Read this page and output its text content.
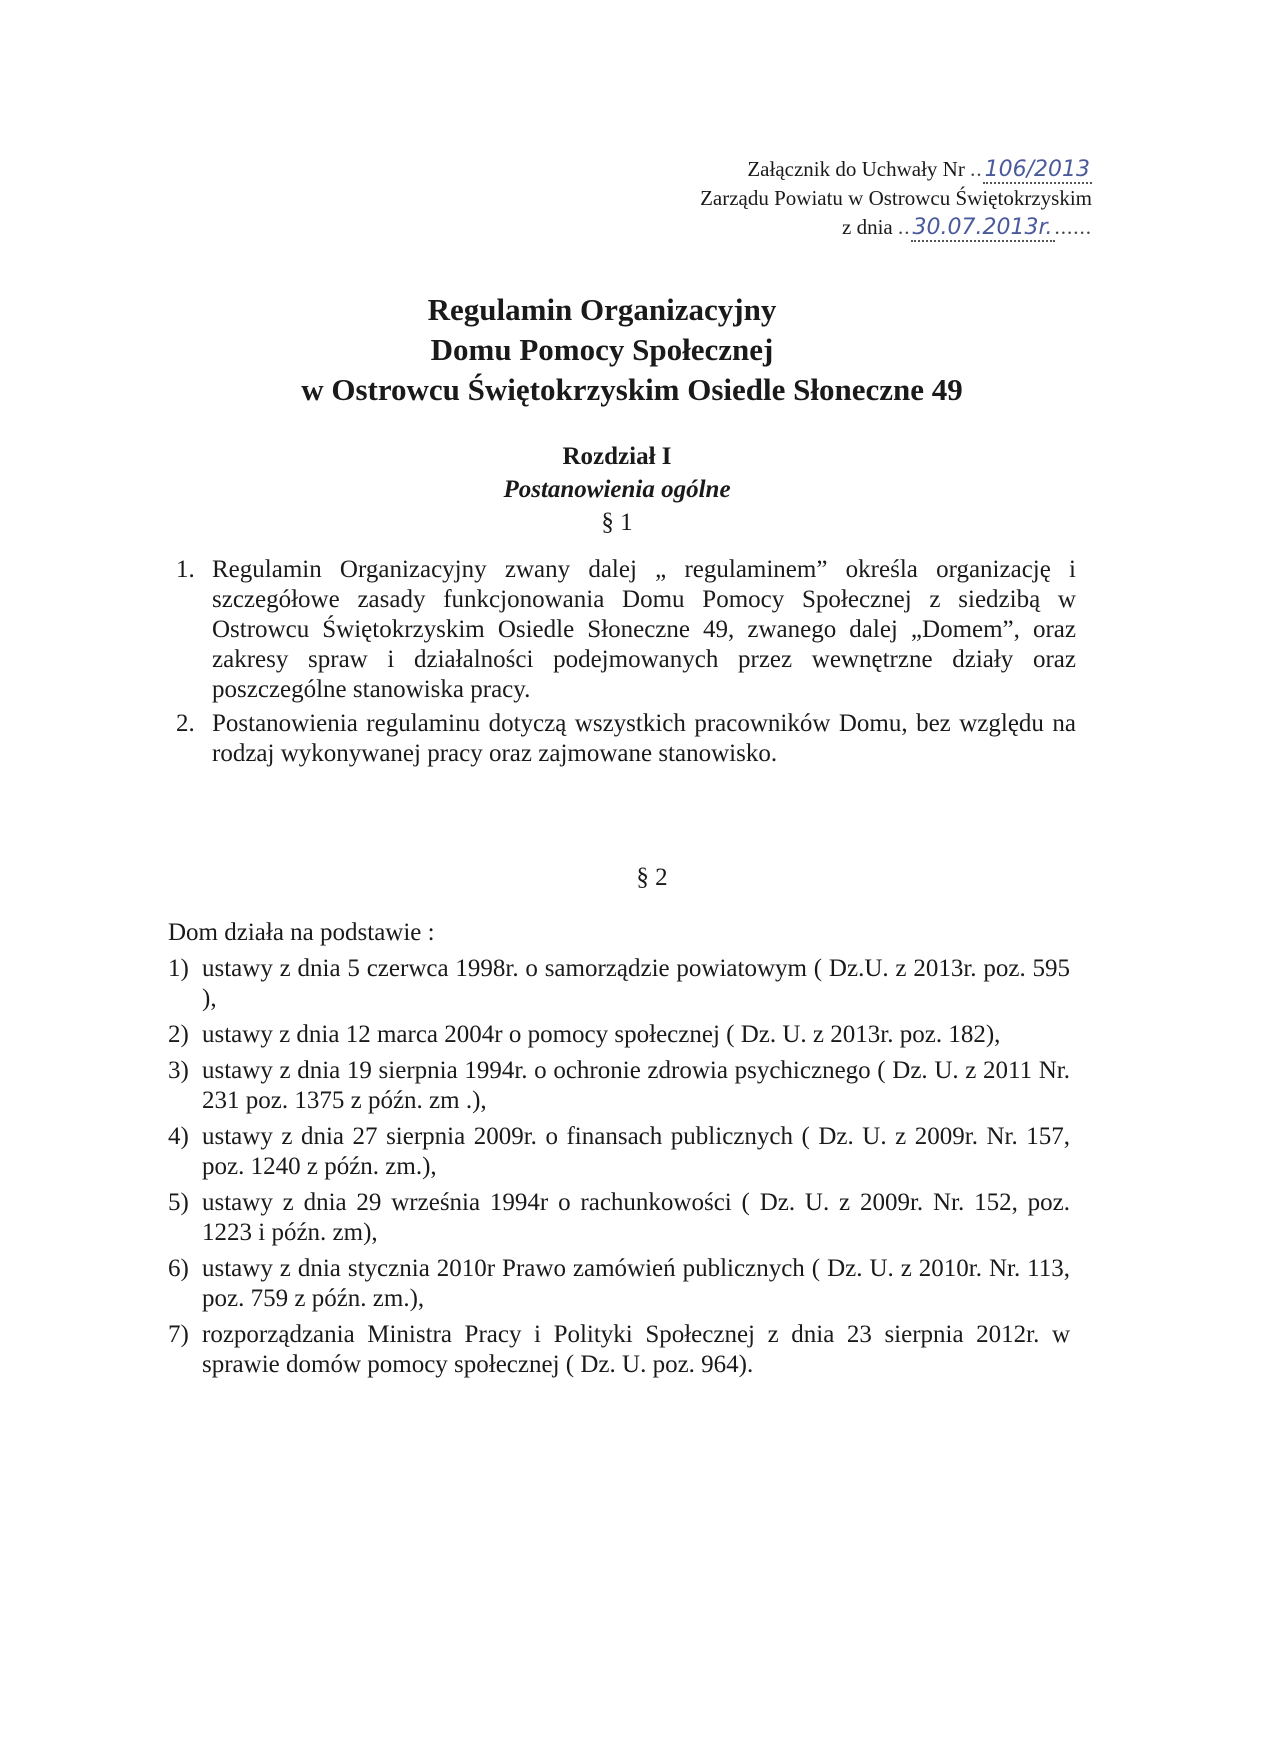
Załącznik do Uchwały Nr ..106/2013
Zarządu Powiatu w Ostrowcu Świętokrzyskim
z dnia ..30.07.2013r.......
Regulamin Organizacyjny
Domu Pomocy Społecznej
w Ostrowcu Świętokrzyskim Osiedle Słoneczne 49
Rozdział I
Postanowienia ogólne
§ 1
1. Regulamin Organizacyjny zwany dalej „ regulaminem” określa organizację i szczegółowe zasady funkcjonowania Domu Pomocy Społecznej z siedzibą w Ostrowcu Świętokrzyskim Osiedle Słoneczne 49, zwanego dalej „Domem”, oraz zakresy spraw i działalności podejmowanych przez wewnętrzne działy oraz poszczególne stanowiska pracy.

2. Postanowienia regulaminu dotyczą wszystkich pracowników Domu, bez względu na rodzaj wykonywanej pracy oraz zajmowane stanowisko.

§ 2

Dom działa na podstawie :

1) ustawy z dnia 5 czerwca 1998r. o samorządzie powiatowym ( Dz.U. z 2013r. poz. 595 ),

2) ustawy z dnia 12 marca 2004r o pomocy społecznej ( Dz. U. z 2013r. poz. 182),

3) ustawy z dnia 19 sierpnia 1994r. o ochronie zdrowia psychicznego ( Dz. U. z 2011 Nr. 231 poz. 1375 z późn. zm .),

4) ustawy z dnia 27 sierpnia 2009r. o finansach publicznych ( Dz. U. z 2009r. Nr. 157, poz. 1240 z późn. zm.),

5) ustawy z dnia 29 września 1994r o rachunkowości ( Dz. U. z 2009r. Nr. 152, poz. 1223 i późn. zm),

6) ustawy z dnia stycznia 2010r Prawo zamówień publicznych ( Dz. U. z 2010r. Nr. 113, poz. 759 z późn. zm.),

7) rozporządzania Ministra Pracy i Polityki Społecznej z dnia 23 sierpnia 2012r. w sprawie domów pomocy społecznej ( Dz. U. poz. 964).
